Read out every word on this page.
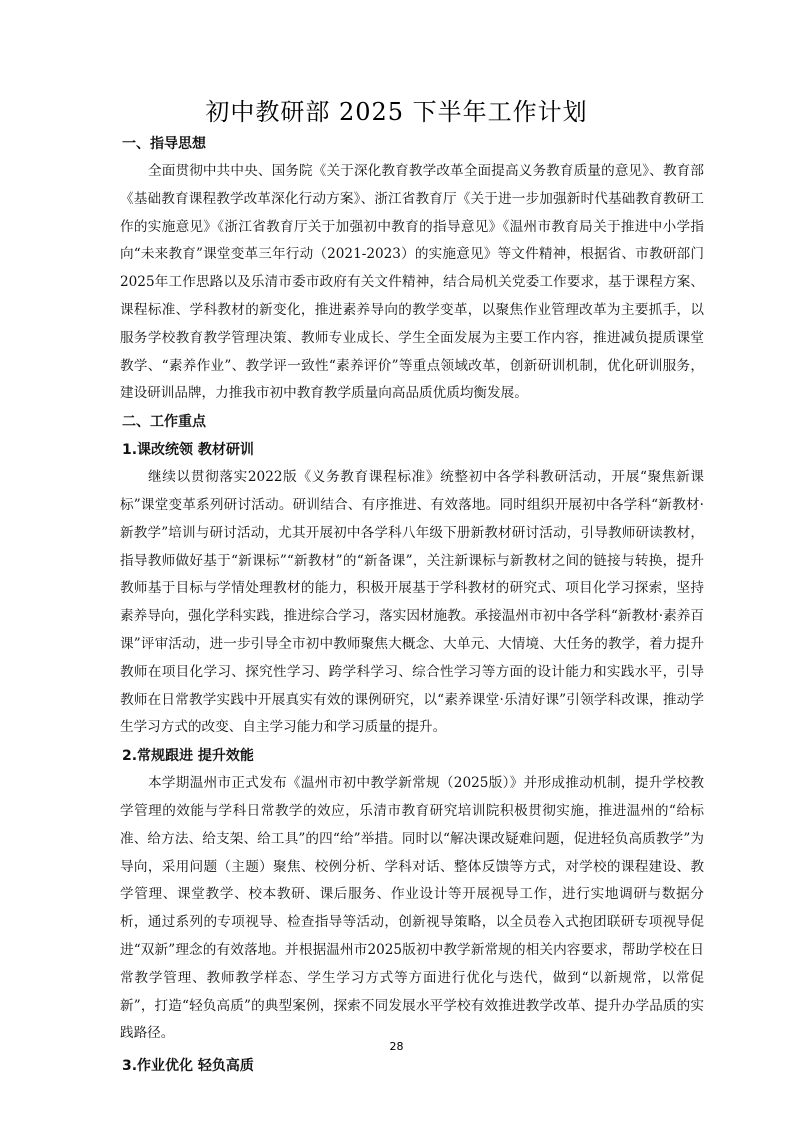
初中教研部 2025 下半年工作计划
一、指导思想

全面贯彻中共中央、国务院《关于深化教育教学改革全面提高义务教育质量的意见》、教育部《基础教育课程教学改革深化行动方案》、浙江省教育厅《关于进一步加强新时代基础教育教研工作的实施意见》《浙江省教育厅关于加强初中教育的指导意见》《温州市教育局关于推进中小学指向“未来教育”课堂变革三年行动（2021-2023）的实施意见》等文件精神，根据省、市教研部门2025年工作思路以及乐清市委市政府有关文件精神，结合局机关党委工作要求，基于课程方案、课程标准、学科教材的新变化，推进素养导向的教学变革，以聚焦作业管理改革为主要抓手，以服务学校教育教学管理决策、教师专业成长、学生全面发展为主要工作内容，推进减负提质课堂教学、“素养作业”、教学评一致性“素养评价”等重点领域改革，创新研训机制，优化研训服务，建设研训品牌，力推我市初中教育教学质量向高品质优质均衡发展。

二、工作重点
1.课改统领 教材研训

继续以贯彻落实2022版《义务教育课程标准》统整初中各学科教研活动，开展“聚焦新课标”课堂变革系列研讨活动。研训结合、有序推进、有效落地。同时组织开展初中各学科“新教材·新教学”培训与研讨活动，尤其开展初中各学科八年级下册新教材研讨活动，引导教师研读教材，指导教师做好基于“新课标”“新教材”的“新备课”，关注新课标与新教材之间的链接与转换，提升教师基于目标与学情处理教材的能力，积极开展基于学科教材的研究式、项目化学习探索，坚持素养导向，强化学科实践，推进综合学习，落实因材施教。承接温州市初中各学科“新教材·素养百课”评审活动，进一步引导全市初中教师聚焦大概念、大单元、大情境、大任务的教学，着力提升教师在项目化学习、探究性学习、跨学科学习、综合性学习等方面的设计能力和实践水平，引导教师在日常教学实践中开展真实有效的课例研究，以“素养课堂·乐清好课”引领学科改课，推动学生学习方式的改变、自主学习能力和学习质量的提升。

2.常规跟进 提升效能

本学期温州市正式发布《温州市初中教学新常规（2025版）》并形成推动机制，提升学校教学管理的效能与学科日常教学的效应，乐清市教育研究培训院积极贯彻实施，推进温州的“给标准、给方法、给支架、给工具”的四“给”举措。同时以“解决课改疑难问题，促进轻负高质教学”为导向，采用问题（主题）聚焦、校例分析、学科对话、整体反馈等方式，对学校的课程建设、教学管理、课堂教学、校本教研、课后服务、作业设计等开展视导工作，进行实地调研与数据分析，通过系列的专项视导、检查指导等活动，创新视导策略，以全员卷入式抱团联研专项视导促进“双新”理念的有效落地。并根据温州市2025版初中教学新常规的相关内容要求，帮助学校在日常教学管理、教师教学样态、学生学习方式等方面进行优化与迭代，做到“以新规常，以常促新”，打造“轻负高质”的典型案例，探索不同发展水平学校有效推进教学改革、提升办学品质的实践路径。

3.作业优化 轻负高质
28
